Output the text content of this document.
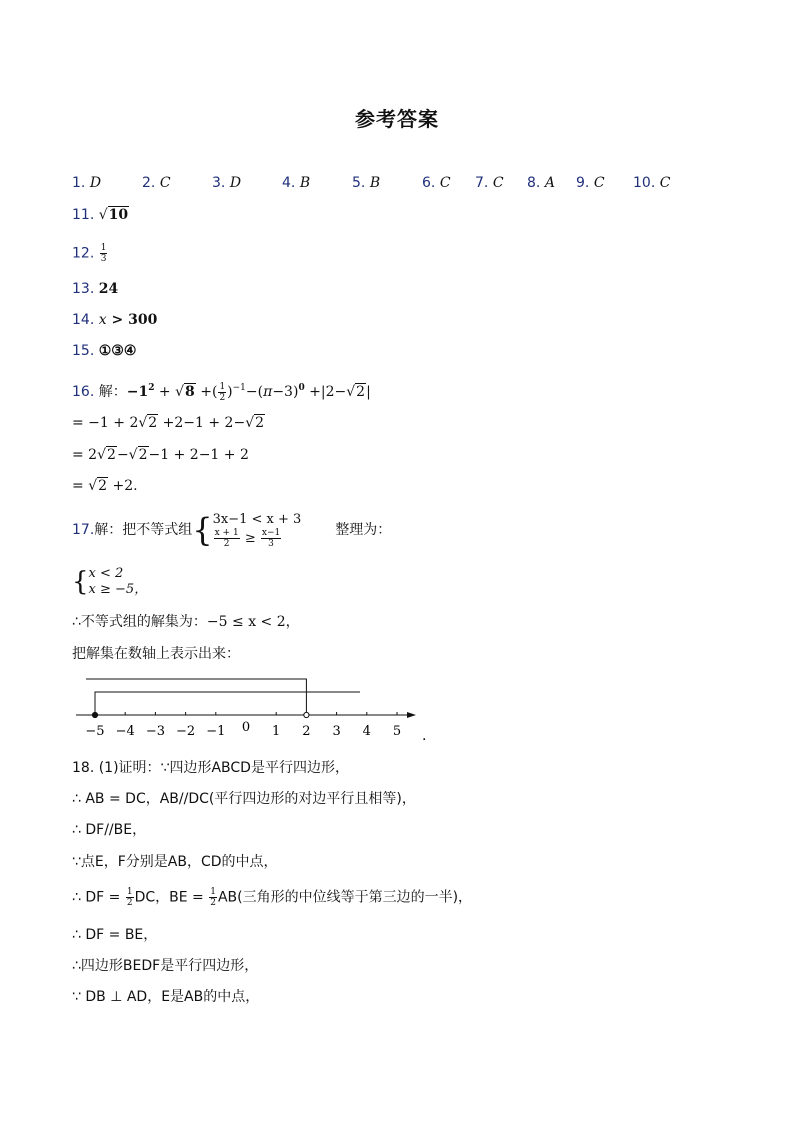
参考答案
1. D	2. C	3. D	4. B	5. B	6. C 7. C 8. A 9. C 10. C
11. √10
12. $\frac{1}{3}$
13. 24
14. x > 300
15. ①③④
16. 解：$-1^2 + √8$ +( $\frac{1}{2} )^{-1}-(\pi-3)^0 +|2-√2|$
= −1 + 2√2 +2−1 + 2−√2
= 2√2−√2−1 + 2−1 + 2
= √2 +2.
17.解：把不等式组{ 3x−1 < x + 3
$\frac{x + 1}{2} \ge \frac{x-1}{3}$	整理为：
{ x < 2
x ≥ −5，
∴不等式组的解集为：−5 ≤ x < 2，
把解集在数轴上表示出来：
−5 −4 −3 −2 −1 0 1 2 3 4 5 .
18. (1)证明：∵四边形ABCD是平行四边形，
∴ AB = DC，AB//DC(平行四边形的对边平行且相等)，
∴ DF//BE，
∵点E，F分别是AB，CD的中点，
∴ DF = $\frac{1}{2}$ DC，BE = $\frac{1}{2} AB$(三角形的中位线等于第三边的一半)，
∴ DF = BE，
∴四边形BEDF是平行四边形，
∵ DB ⊥ AD，E是AB的中点，
